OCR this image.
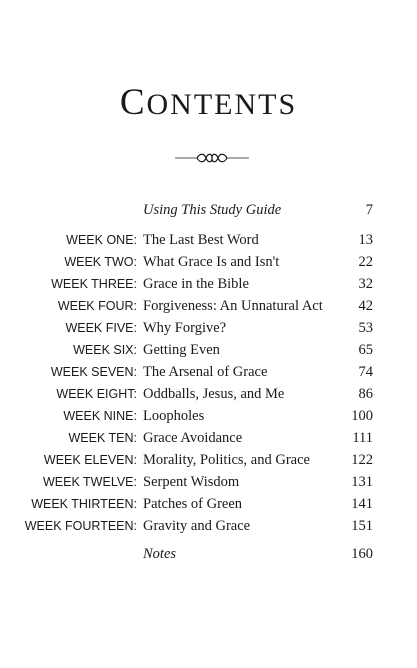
CONTENTS
Using This Study Guide	7
WEEK ONE: The Last Best Word	13
WEEK TWO: What Grace Is and Isn't	22
WEEK THREE: Grace in the Bible	32
WEEK FOUR: Forgiveness: An Unnatural Act 42
WEEK FIVE: Why Forgive?	53
WEEK SIX: Getting Even	65
WEEK SEVEN: The Arsenal of Grace	74
WEEK EIGHT: Oddballs, Jesus, and Me	86
WEEK NINE: Loopholes	100
WEEK TEN: Grace Avoidance	111
WEEK ELEVEN: Morality, Politics, and Grace	122
WEEK TWELVE: Serpent Wisdom	131
WEEK THIRTEEN: Patches of Green	141
WEEK FOURTEEN: Gravity and Grace	151
Notes	160
